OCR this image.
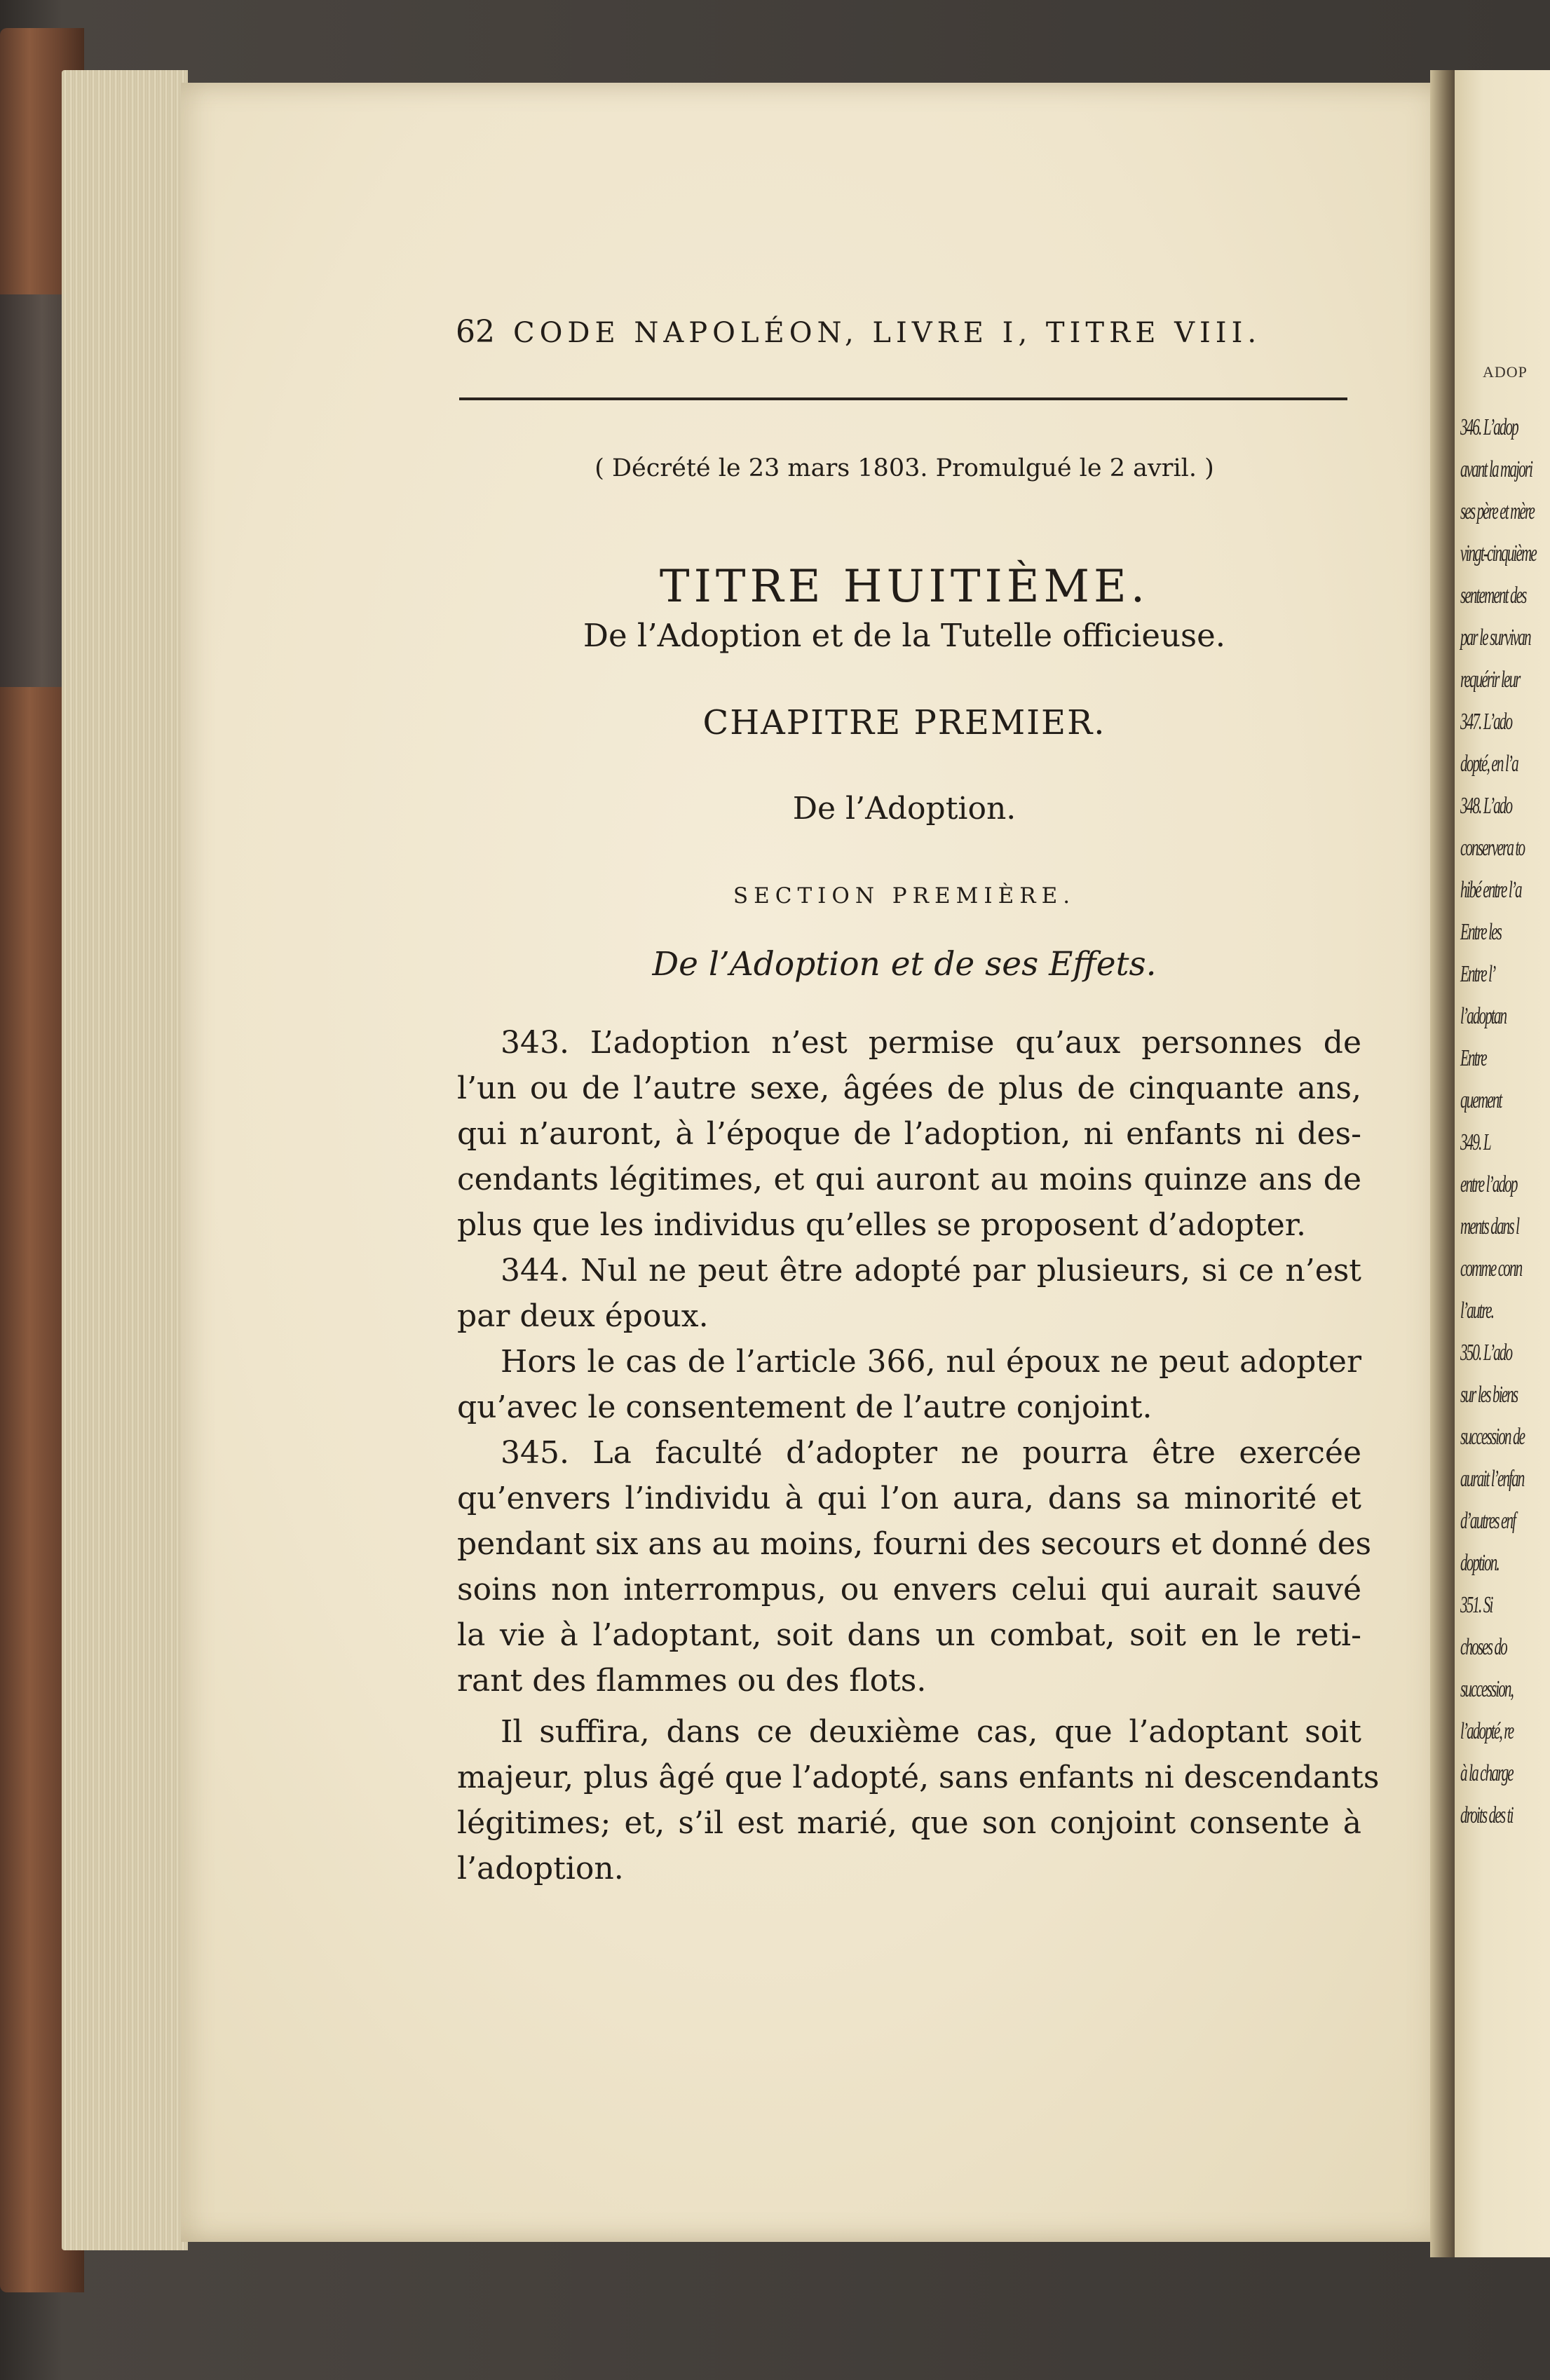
ADOP
346. L’adop
avant la majori
ses père et mère
vingt-cinquième
sentement des
par le survivan
requérir leur
347. L’ado
dopté, en l’a
348. L’ado
conservera to
hibé entre l’a
Entre les
Entre l’
l’adoptan
Entre
quement
349. L
entre l’adop
ments dans l
comme conn
l’autre.
350. L’ado
sur les biens
succession de
aurait l’enfan
d’autres enf
doption.
351. Si
choses do
succession,
l’adopté, re
à la charge
droits des ti
62 CODE NAPOLÉON, LIVRE I, TITRE VIII.
( Décrété le 23 mars 1803. Promulgué le 2 avril. )
TITRE HUITIÈME.
De l’Adoption et de la Tutelle officieuse.
CHAPITRE PREMIER.
De l’Adoption.
SECTION PREMIÈRE.
De l’Adoption et de ses Effets.
343. L’adoption n’est permise qu’aux personnes de
l’un ou de l’autre sexe, âgées de plus de cinquante ans,
qui n’auront, à l’époque de l’adoption, ni enfants ni des-
cendants légitimes, et qui auront au moins quinze ans de
plus que les individus qu’elles se proposent d’adopter.
344. Nul ne peut être adopté par plusieurs, si ce n’est
par deux époux.
Hors le cas de l’article 366, nul époux ne peut adopter
qu’avec le consentement de l’autre conjoint.
345. La faculté d’adopter ne pourra être exercée
qu’envers l’individu à qui l’on aura, dans sa minorité et
pendant six ans au moins, fourni des secours et donné des
soins non interrompus, ou envers celui qui aurait sauvé
la vie à l’adoptant, soit dans un combat, soit en le reti-
rant des flammes ou des flots.
Il suffira, dans ce deuxième cas, que l’adoptant soit
majeur, plus âgé que l’adopté, sans enfants ni descendants
légitimes; et, s’il est marié, que son conjoint consente à
l’adoption.
